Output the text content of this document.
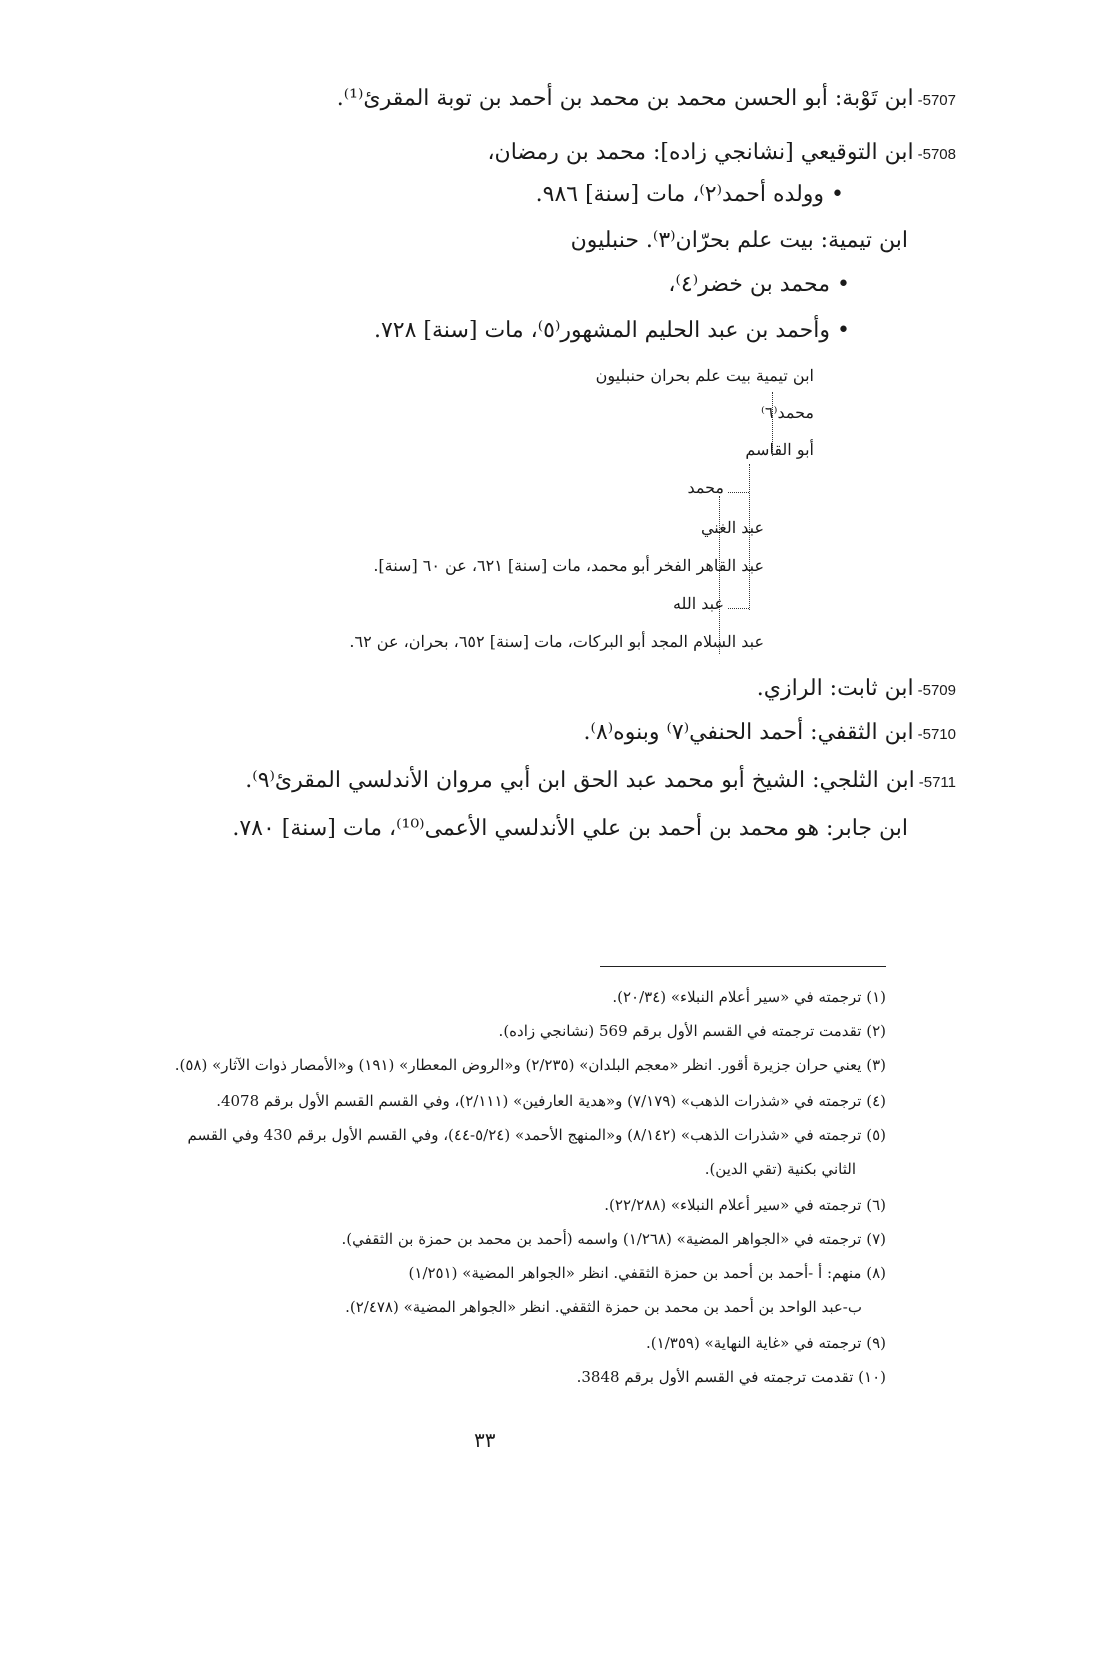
5707-ابن تَوْبة: أبو الحسن محمد بن محمد بن أحمد بن توبة المقرئ⁽¹⁾.
5708-ابن التوقيعي [نشانجي زاده]: محمد بن رمضان،
• وولده أحمد⁽٢⁾، مات [سنة] ٩٨٦.
ابن تيمية: بيت علم بحرّان⁽٣⁾. حنبليون
• محمد بن خضر⁽٤⁾،
• وأحمد بن عبد الحليم المشهور⁽٥⁾، مات [سنة] ٧٢٨.
ابن تيمية بيت علم بحران حنبليون
محمد⁽٦⁾
أبو القاسم
محمد
عبد الغني
عبد القاهر الفخر أبو محمد، مات [سنة] ٦٢١، عن ٦٠ [سنة].
عبد الله
عبد السلام المجد أبو البركات، مات [سنة] ٦٥٢، بحران، عن ٦٢.
5709-ابن ثابت: الرازي.
5710-ابن الثقفي: أحمد الحنفي⁽٧⁾ وبنوه⁽٨⁾.
5711-ابن الثلجي: الشيخ أبو محمد عبد الحق ابن أبي مروان الأندلسي المقرئ⁽٩⁾.
ابن جابر: هو محمد بن أحمد بن علي الأندلسي الأعمى⁽¹⁰⁾، مات [سنة] ٧٨٠.
(١) ترجمته في «سير أعلام النبلاء» (٢٠/٣٤).
(٢) تقدمت ترجمته في القسم الأول برقم 569 (نشانجي زاده).
(٣) يعني حران جزيرة أقور. انظر «معجم البلدان» (٢/٢٣٥) و«الروض المعطار» (١٩١) و«الأمصار ذوات الآثار» (٥٨).
(٤) ترجمته في «شذرات الذهب» (٧/١٧٩) و«هدية العارفين» (٢/١١١)، وفي القسم القسم الأول برقم 4078.
(٥) ترجمته في «شذرات الذهب» (٨/١٤٢) و«المنهج الأحمد» (٥/٢٤-٤٤)، وفي القسم الأول برقم 430 وفي القسم
الثاني بكنية (تقي الدين).
(٦) ترجمته في «سير أعلام النبلاء» (٢٢/٢٨٨).
(٧) ترجمته في «الجواهر المضية» (١/٢٦٨) واسمه (أحمد بن محمد بن حمزة بن الثقفي).
(٨) منهم: أ -أحمد بن أحمد بن حمزة الثقفي. انظر «الجواهر المضية» (١/٢٥١)
ب-عبد الواحد بن أحمد بن محمد بن حمزة الثقفي. انظر «الجواهر المضية» (٢/٤٧٨).
(٩) ترجمته في «غاية النهاية» (١/٣٥٩).
(١٠) تقدمت ترجمته في القسم الأول برقم 3848.
٣٣
